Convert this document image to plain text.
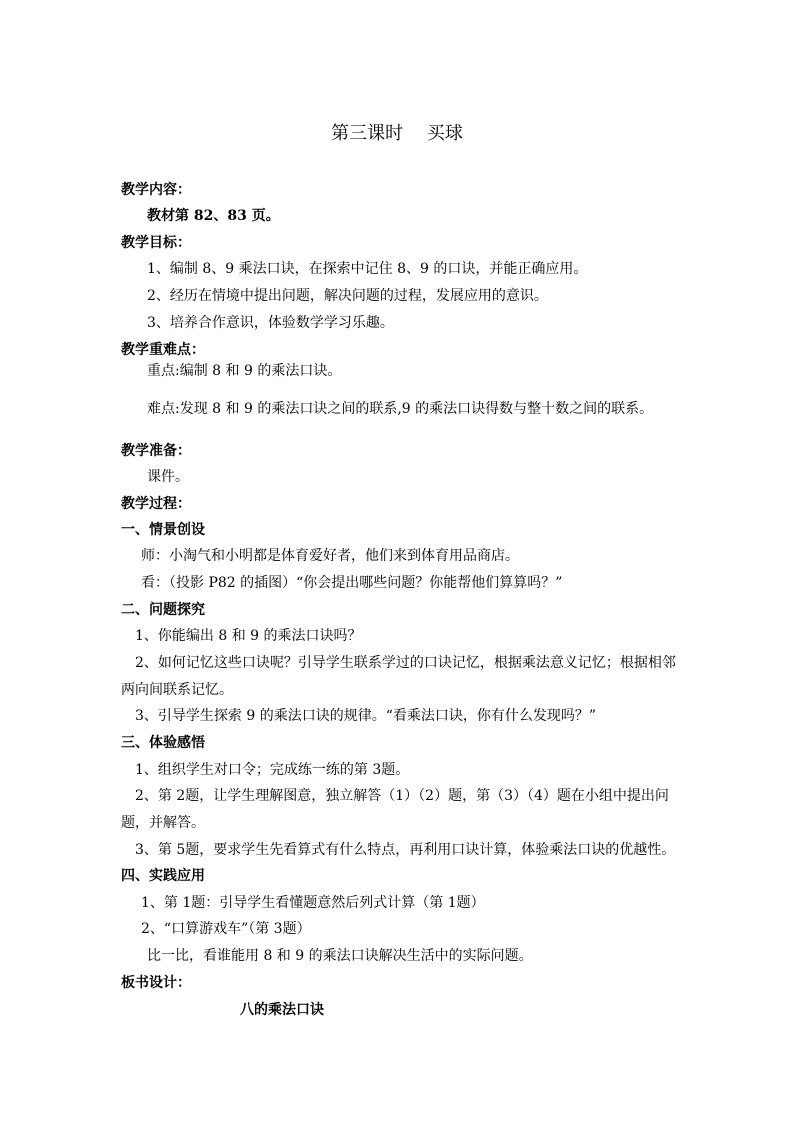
第三课时　 买球
教学内容：
教材第 82、83 页。
教学目标：
1、编制 8、9 乘法口诀，在探索中记住 8、9 的口诀，并能正确应用。
2、经历在情境中提出问题，解决问题的过程，发展应用的意识。
3、培养合作意识，体验数学学习乐趣。
教学重难点：
重点:编制 8 和 9 的乘法口诀。
难点:发现 8 和 9 的乘法口诀之间的联系,9 的乘法口诀得数与整十数之间的联系。
教学准备：
课件。
教学过程：
一、情景创设
师：小淘气和小明都是体育爱好者，他们来到体育用品商店。
看：（投影 P82 的插图）“你会提出哪些问题？你能帮他们算算吗？”
二、问题探究
1、你能编出 8 和 9 的乘法口诀吗？
2、如何记忆这些口诀呢？引导学生联系学过的口诀记忆，根据乘法意义记忆；根据相邻
两向间联系记忆。
3、引导学生探索 9 的乘法口诀的规律。“看乘法口诀，你有什么发现吗？”
三、体验感悟
1、组织学生对口令；完成练一练的第 3题。
2、第 2题，让学生理解图意，独立解答（1）（2）题，第（3）（4）题在小组中提出问
题，并解答。
3、第 5题，要求学生先看算式有什么特点，再利用口诀计算，体验乘法口诀的优越性。
四、实践应用
1、第 1题：引导学生看懂题意然后列式计算（第 1题）
2、“口算游戏车”（第 3题）
比一比，看谁能用 8 和 9 的乘法口诀解决生活中的实际问题。
板书设计：
八的乘法口诀
